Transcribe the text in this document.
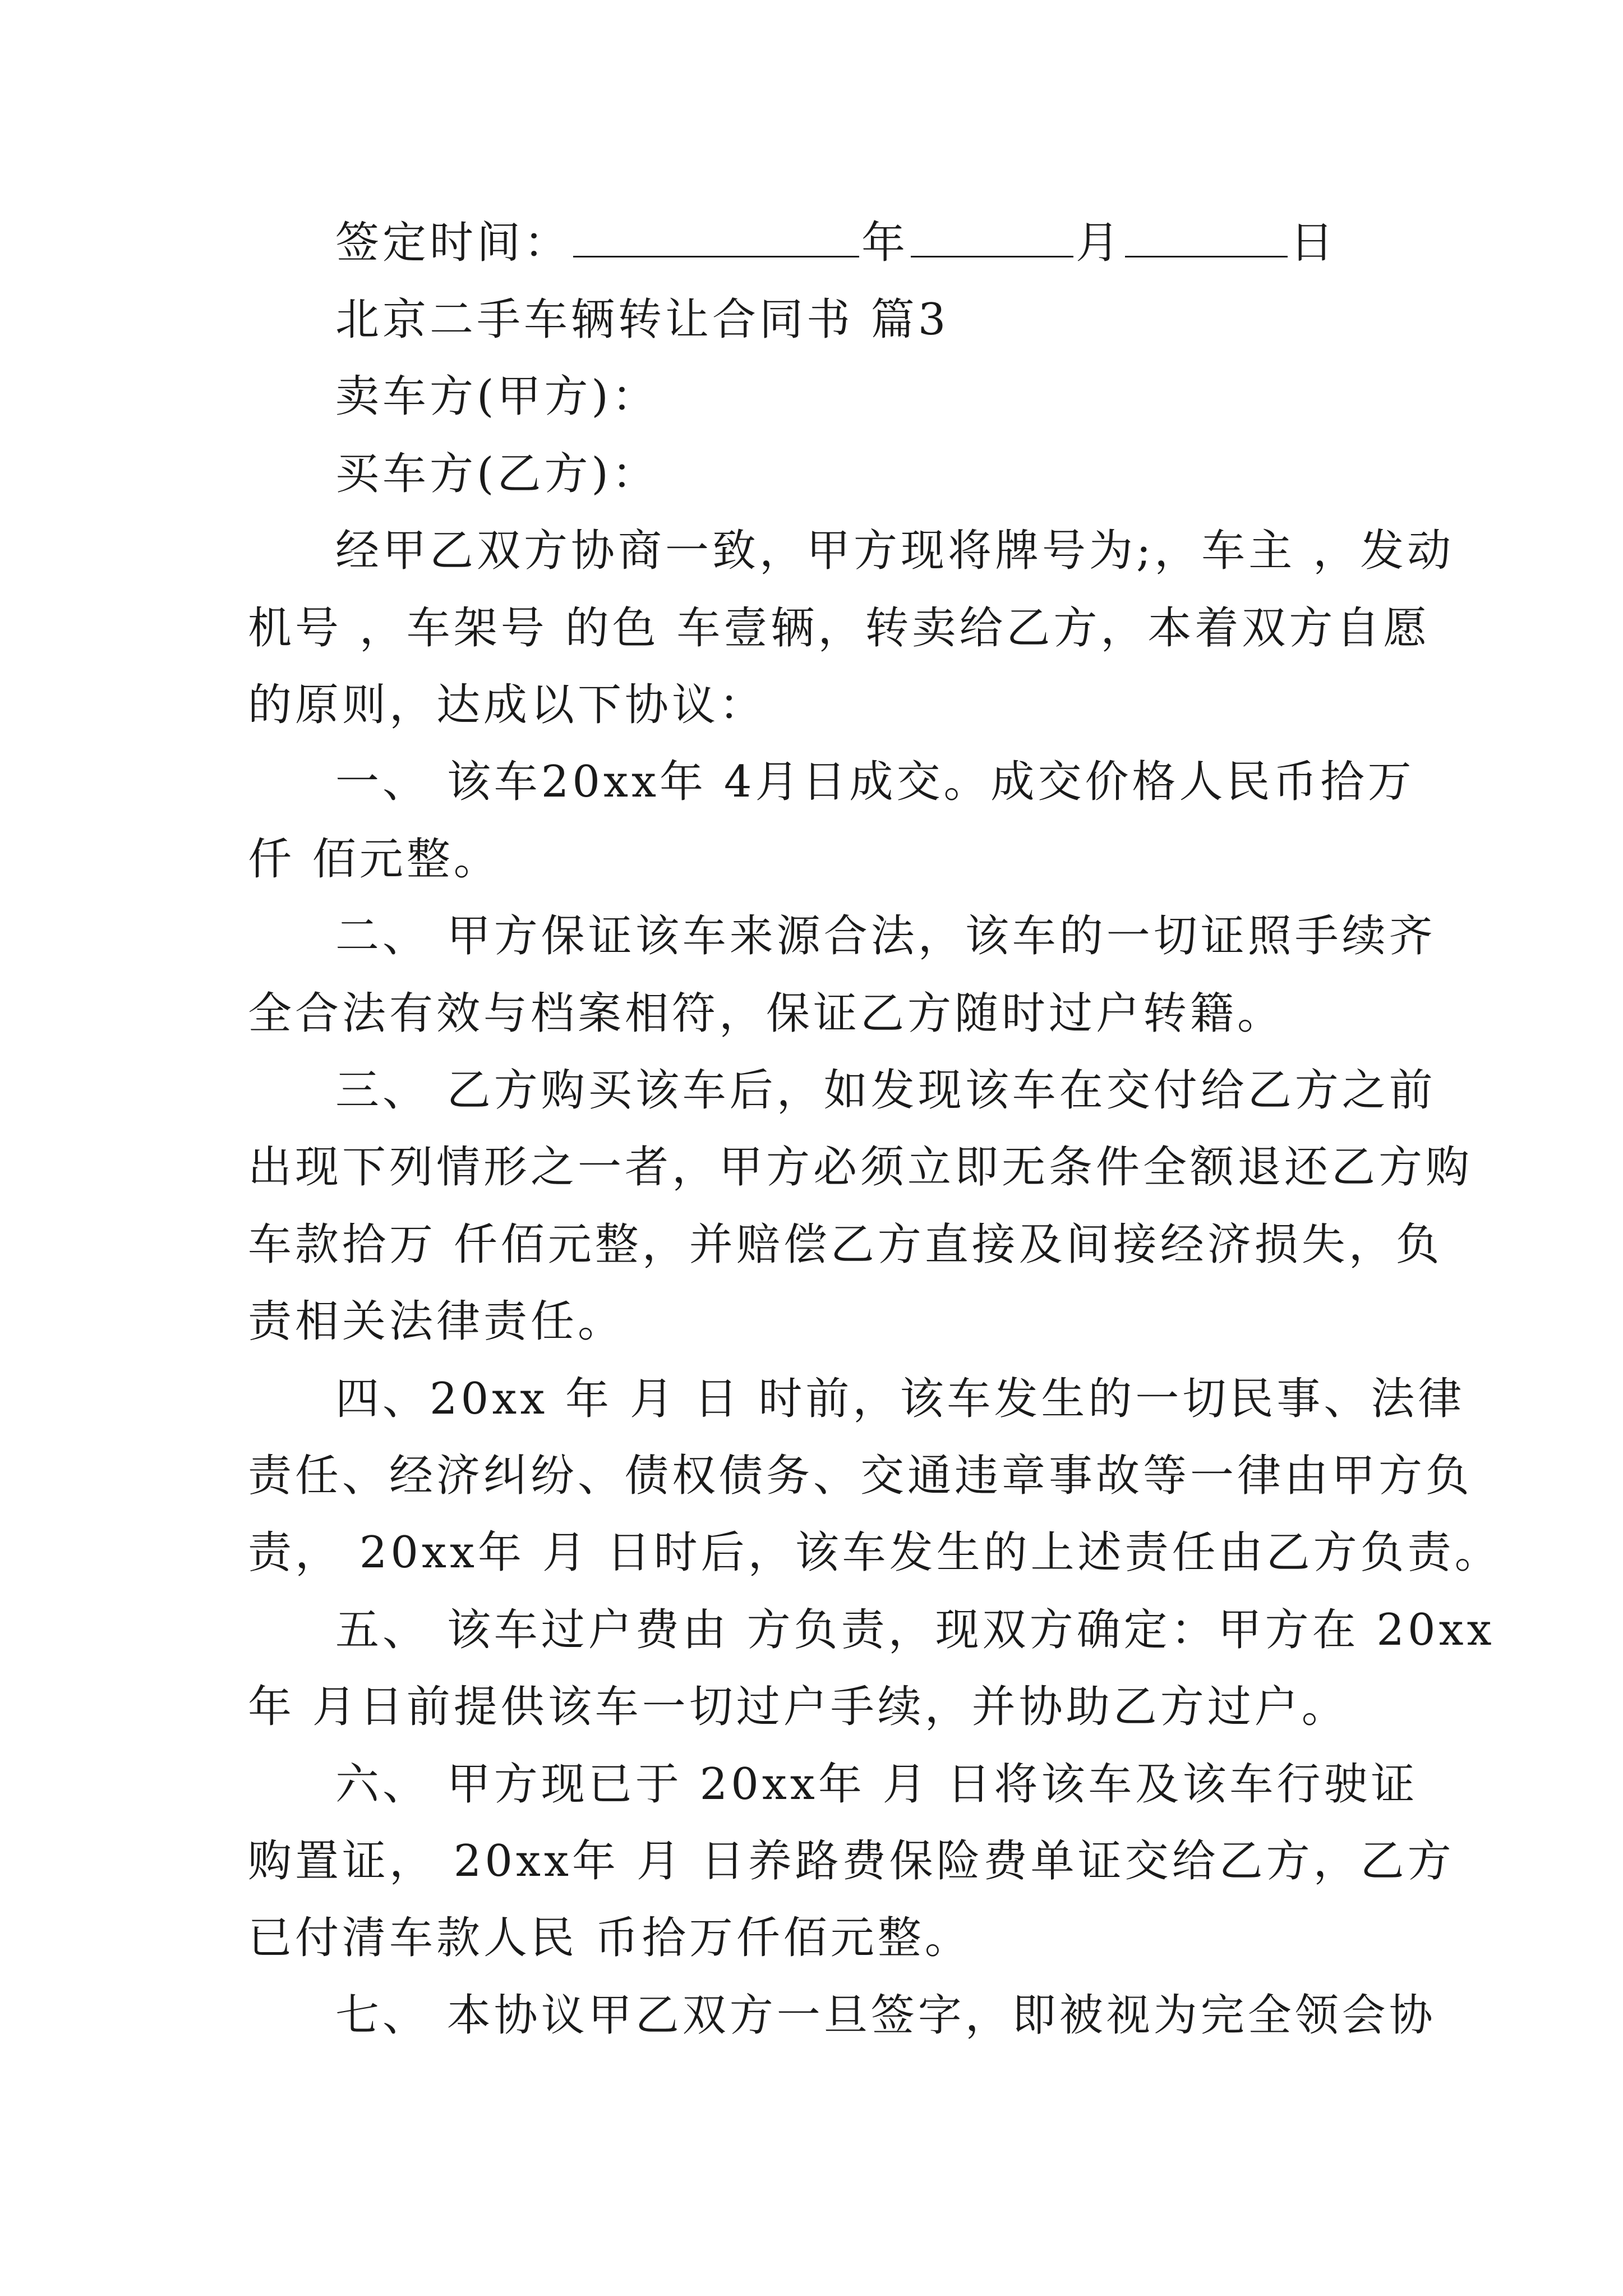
签定时间：	年	月	日
北京二手车辆转让合同书 篇3
卖车方(甲方)：
买车方(乙方)：
经甲乙双方协商一致，甲方现将牌号为;，车主 ，发动
机号 ，车架号 的色 车壹辆，转卖给乙方，本着双方自愿
的原则，达成以下协议：
一、 该车20xx年 4月日成交。成交价格人民币拾万
仟 佰元整。
二、 甲方保证该车来源合法，该车的一切证照手续齐
全合法有效与档案相符，保证乙方随时过户转籍。
三、 乙方购买该车后，如发现该车在交付给乙方之前
出现下列情形之一者，甲方必须立即无条件全额退还乙方购
车款拾万 仟佰元整，并赔偿乙方直接及间接经济损失，负
责相关法律责任。
四、20xx 年 月 日 时前，该车发生的一切民事、法律
责任、经济纠纷、债权债务、交通违章事故等一律由甲方负
责， 20xx年 月 日时后，该车发生的上述责任由乙方负责。
五、 该车过户费由 方负责，现双方确定：甲方在 20xx
年 月日前提供该车一切过户手续，并协助乙方过户。
六、 甲方现已于 20xx年 月 日将该车及该车行驶证
购置证， 20xx年 月 日养路费保险费单证交给乙方，乙方
已付清车款人民 币拾万仟佰元整。
七、 本协议甲乙双方一旦签字，即被视为完全领会协
